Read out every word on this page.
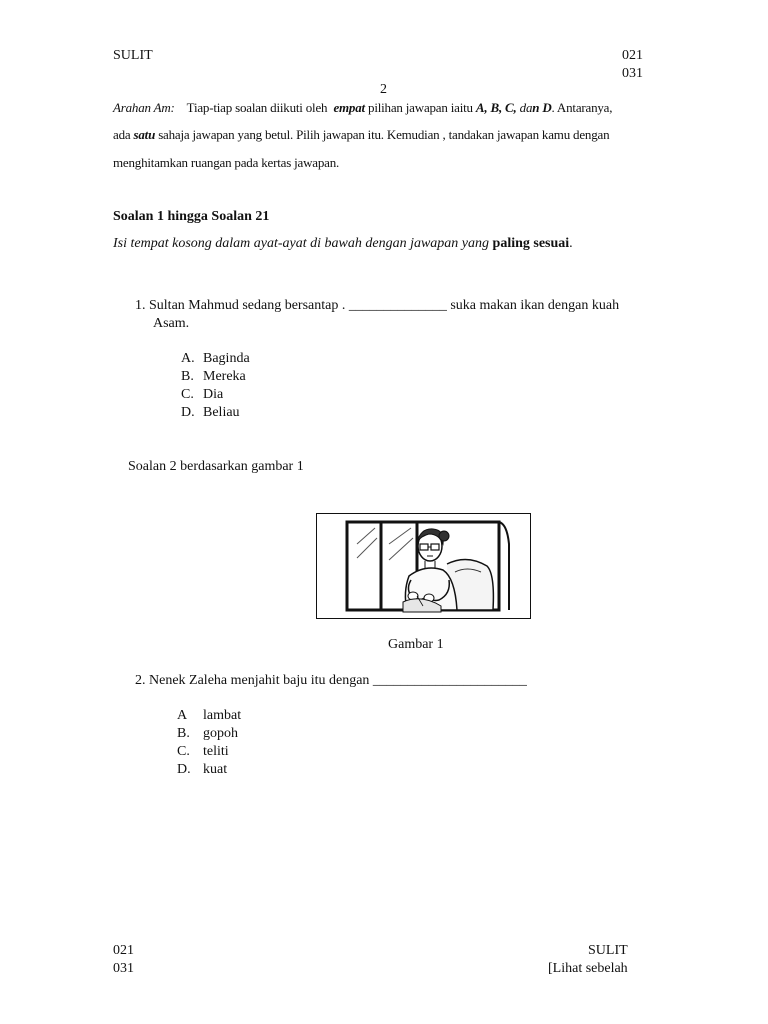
SULIT	021
031
2
Arahan Am: Tiap-tiap soalan diikuti oleh empat pilihan jawapan iaitu A, B, C, dan D. Antaranya,
ada satu sahaja jawapan yang betul. Pilih jawapan itu. Kemudian , tandakan jawapan kamu dengan
menghitamkan ruangan pada kertas jawapan.
Soalan 1 hingga Soalan 21
Isi tempat kosong dalam ayat-ayat di bawah dengan jawapan yang paling sesuai.
1. Sultan Mahmud sedang bersantap . ______________ suka makan ikan dengan kuah
Asam.
A. Baginda
B. Mereka
C. Dia
D. Beliau
Soalan 2 berdasarkan gambar 1
Gambar 1
2. Nenek Zaleha menjahit baju itu dengan ______________________
A lambat
B. gopoh
C. teliti
D. kuat
021
031
SULIT
[Lihat sebelah
